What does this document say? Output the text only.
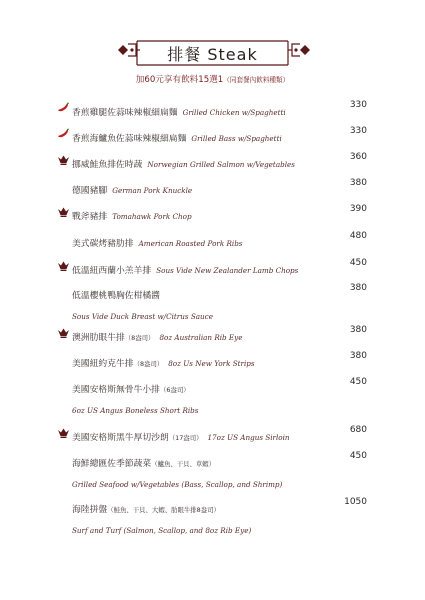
排餐 Steak
加60元享有飲料15選1（同套餐內飲料種類）
香煎雞腿佐蒜味辣椒細扁麵 Grilled Chicken w/Spaghetti
330
香煎海鱸魚佐蒜味辣椒細扁麵 Grilled Bass w/Spaghetti
330
挪威鮭魚排佐時蔬 Norwegian Grilled Salmon w/Vegetables
360
德國豬腳 German Pork Knuckle
380
戰斧豬排 Tomahawk Pork Chop
390
美式碳烤豬肋排 American Roasted Pork Ribs
480
低溫紐西蘭小羔羊排 Sous Vide New Zealander Lamb Chops
450
低溫櫻桃鴨胸佐柑橘醬
Sous Vide Duck Breast w/Citrus Sauce
380
澳洲肋眼牛排（8盎司） 8oz Australian Rib Eye
380
美國紐約克牛排（8盎司） 8oz Us New York Strips
380
美國安格斯無骨牛小排（6盎司）
6oz US Angus Boneless Short Ribs
450
美國安格斯黑牛厚切沙朗（17盎司） 17oz US Angus Sirloin
680
海鮮總匯佐季節蔬菜（鱸魚、干貝、草蝦）
Grilled Seafood w/Vegetables (Bass, Scallop, and Shrimp)
450
海陸拼盤（鮭魚、干貝、大蝦、肋眼牛排8盎司）
Surf and Turf (Salmon, Scallop, and 8oz Rib Eye)
1050
